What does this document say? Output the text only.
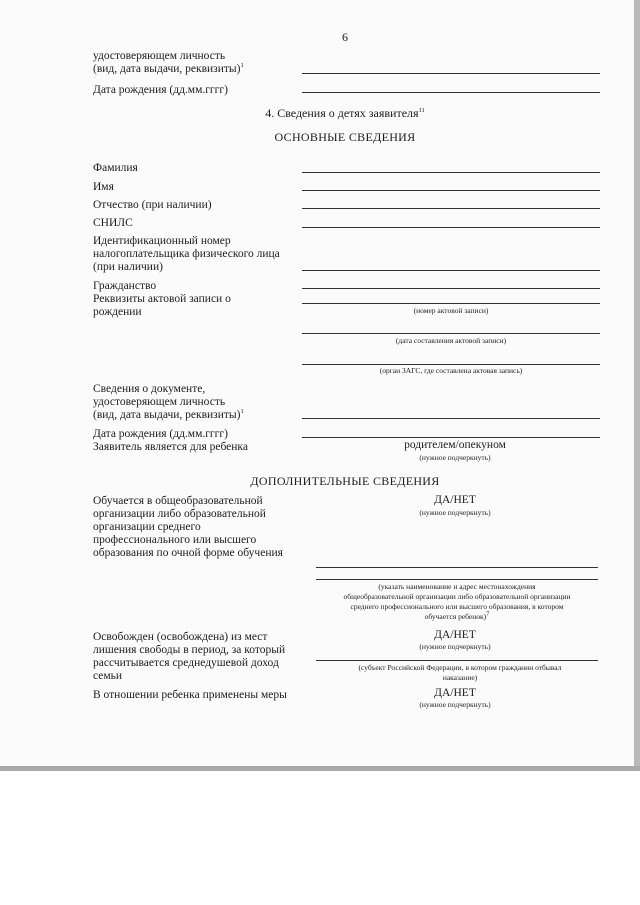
6
удостоверяющем личность
(вид, дата выдачи, реквизиты)$^1$
Дата рождения (дд.мм.гггг)
4. Сведения о детях заявителя$^{11}$
ОСНОВНЫЕ СВЕДЕНИЯ
Фамилия
Имя
Отчество (при наличии)
СНИЛС
Идентификационный номер
налогоплательщика физического лица
(при наличии)
Гражданство
Реквизиты актовой записи о
рождении	(номер актовой записи)
(дата составления актовой записи)
(орган ЗАГС, где составлена актовая запись)
Сведения о документе,
удостоверяющем личность
(вид, дата выдачи, реквизиты)$^1$
Дата рождения (дд.мм.гггг)
Заявитель является для ребенка	родителем/опекуном
(нужное подчеркнуть)
ДОПОЛНИТЕЛЬНЫЕ СВЕДЕНИЯ
Обучается в общеобразовательной
организации либо образовательной
организации среднего
профессионального или высшего
образования по очной форме обучения
ДА/НЕТ
(нужное подчеркнуть)
(указать наименование и адрес местонахождения
общеобразовательной организации либо образовательной организации
среднего профессионального или высшего образования, в котором
обучается ребенок)$^7$
Освобожден (освобождена) из мест
лишения свободы в период, за который
рассчитывается среднедушевой доход
семьи
ДА/НЕТ
(нужное подчеркнуть)
(субъект Российской Федерации, в котором гражданин отбывал
наказание)
В отношении ребенка применены меры	ДА/НЕТ
(нужное подчеркнуть)
